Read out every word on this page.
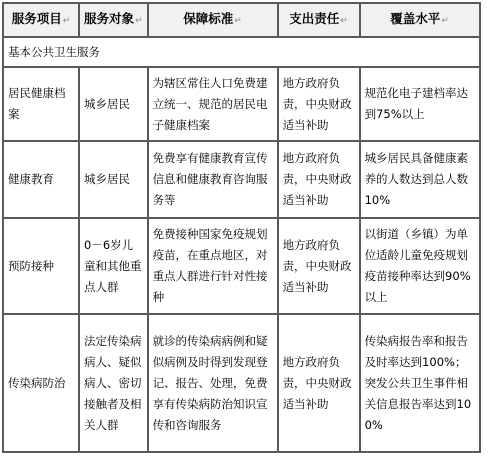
服务项目↵	服务对象↵	保障标准↵	支出责任↵	覆盖水平↵
基本公共卫生服务				
居民健康档案	城乡居民	为辖区常住人口免费建立统一、规范的居民电子健康档案	地方政府负责，中央财政适当补助	规范化电子建档率达到75%以上
健康教育	城乡居民	免费享有健康教育宣传信息和健康教育咨询服务等	地方政府负责，中央财政适当补助	城乡居民具备健康素养的人数达到总人数10%
预防接种	0－6岁儿童和其他重点人群	免费接种国家免疫规划疫苗，在重点地区，对重点人群进行针对性接种	地方政府负责，中央财政适当补助	以街道（乡镇）为单位适龄儿童免疫规划疫苗接种率达到90%以上
传染病防治	法定传染病病人、疑似病人、密切接触者及相关人群	就诊的传染病病例和疑似病例及时得到发现登记、报告、处理，免费享有传染病防治知识宣传和咨询服务	地方政府负责，中央财政适当补助	传染病报告率和报告及时率达到100%；突发公共卫生事件相关信息报告率达到100%
